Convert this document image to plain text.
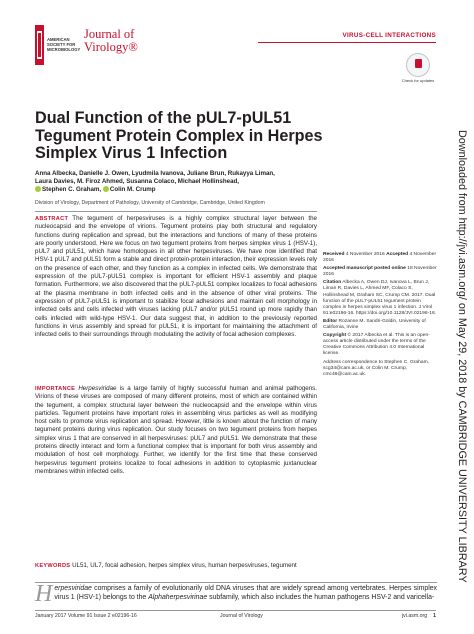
AMERICAN SOCIETY FOR MICROBIOLOGY
Journal of Virology®
VIRUS-CELL INTERACTIONS
Check for updates
Dual Function of the pUL7-pUL51 Tegument Protein Complex in Herpes Simplex Virus 1 Infection
Anna Albecka, Danielle J. Owen, Lyudmila Ivanova, Juliane Brun, Rukayya Liman,
Laura Davies, M. Firoz Ahmed, Susanna Colaco, Michael Hollinshead,
Stephen C. Graham, Colin M. Crump
Division of Virology, Department of Pathology, University of Cambridge, Cambridge, United Kingdom
ABSTRACT The tegument of herpesviruses is a highly complex structural layer between the nucleocapsid and the envelope of virions. Tegument proteins play both structural and regulatory functions during replication and spread, but the interactions and functions of many of these proteins are poorly understood. Here we focus on two tegument proteins from herpes simplex virus 1 (HSV-1), pUL7 and pUL51, which have homologues in all other herpesviruses. We have now identified that HSV-1 pUL7 and pUL51 form a stable and direct protein-protein interaction, their expression levels rely on the presence of each other, and they function as a complex in infected cells. We demonstrate that expression of the pUL7-pUL51 complex is important for efficient HSV-1 assembly and plaque formation. Furthermore, we also discovered that the pUL7-pUL51 complex localizes to focal adhesions at the plasma membrane in both infected cells and in the absence of other viral proteins. The expression of pUL7-pUL51 is important to stabilize focal adhesions and maintain cell morphology in infected cells and cells infected with viruses lacking pUL7 and/or pUL51 round up more rapidly than cells infected with wild-type HSV-1. Our data suggest that, in addition to the previously reported functions in virus assembly and spread for pUL51, it is important for maintaining the attachment of infected cells to their surroundings through modulating the activity of focal adhesion complexes.
IMPORTANCE Herpesviridae is a large family of highly successful human and animal pathogens. Virions of these viruses are composed of many different proteins, most of which are contained within the tegument, a complex structural layer between the nucleocapsid and the envelope within virus particles. Tegument proteins have important roles in assembling virus particles as well as modifying host cells to promote virus replication and spread. However, little is known about the function of many tegument proteins during virus replication. Our study focuses on two tegument proteins from herpes simplex virus 1 that are conserved in all herpesviruses: pUL7 and pUL51. We demonstrate that these proteins directly interact and form a functional complex that is important for both virus assembly and modulation of host cell morphology. Further, we identify for the first time that these conserved herpesvirus tegument proteins localize to focal adhesions in addition to cytoplasmic juxtanuclear membranes within infected cells.
KEYWORDS UL51, UL7, focal adhesion, herpes simplex virus, human herpesviruses, tegument
Received 4 November 2016 Accepted 4 November 2016
Accepted manuscript posted online 18 November 2016
Citation Albecka A, Owen DJ, Ivanova L, Brun J, Liman R, Davies L, Ahmed MF, Colaco S, Hollinshead M, Graham SC, Crump CM. 2017. Dual function of the pUL7-pUL51 tegument protein complex in herpes simplex virus 1 infection. J Virol 91:e02196-16. https://doi.org/10.1128/JVI.02196-16.
Editor Rozanne M. Sandri-Goldin, University of California, Irvine
Copyright © 2017 Albecka et al. This is an open-access article distributed under the terms of the Creative Commons Attribution 4.0 International license.
Address correspondence to Stephen C. Graham, scg34@cam.ac.uk, or Colin M. Crump, cmc46@cam.ac.uk.
Herpesviridae comprises a family of evolutionarily old DNA viruses that are widely spread among vertebrates. Herpes simplex virus 1 (HSV-1) belongs to the Alphaherpesvirinae subfamily, which also includes the human pathogens HSV-2 and varicella-
January 2017 Volume 91 Issue 2 e02196-16	Journal of Virology	jvi.asm.org 1
Downloaded from http://jvi.asm.org/ on May 29, 2018 by CAMBRIDGE UNIVERSITY LIBRARY
